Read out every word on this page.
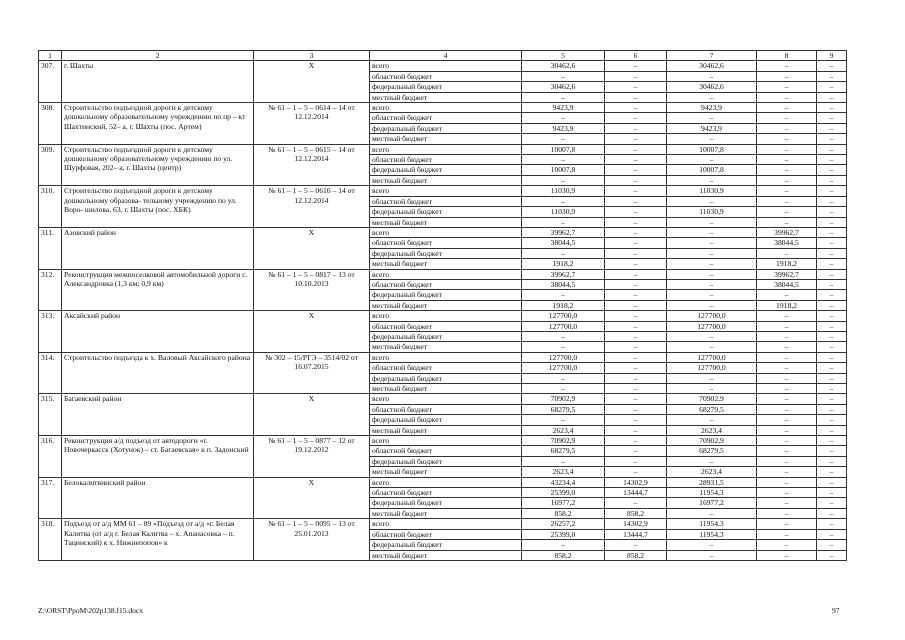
1	2	3	4	5	6	7	8	9
307.	г. Шахты	Х	всего	30462,6	–	30462,6	–	–
			областной бюджет	–	–	–	–	–
			федеральный бюджет	30462,6	–	30462,6	–	–
			местный бюджет	–	–	–	–	–
308.	Строительство подъездной дороги к детскому дошкольному образовательному учреждению по пр – кт Шахтинский, 52– а, г. Шахты (пос. Артем)	№ 61 – 1 – 5 – 0614 – 14 от 12.12.2014	всего	9423,9	–	9423,9	–	–
			областной бюджет	–	–	–	–	–
			федеральный бюджет	9423,9	–	9423,9	–	–
			местный бюджет	–	–	–	–	–
309.	Строительство подъездной дороги к детскому дошкольному образовательному учреждению по ул. Шурфовая, 202– а, г. Шахты (центр)	№ 61 – 1 – 5 – 0615 – 14 от 12.12.2014	всего	10007,8	–	10007,8	–	–
			областной бюджет	–	–	–	–	–
			федеральный бюджет	10007,8	–	10007,8	–	–
			местный бюджет	–	–	–	–	–
310.	Строительство подъездной дороги к детскому дошкольному образова- тельному учреждению по ул. Воро- шилова, 63, г. Шахты (пос. ХБК)	№ 61 – 1 – 5 – 0616 – 14 от 12.12.2014	всего	11030,9	–	11030,9	–	–
			областной бюджет	–	–	–	–	–
			федеральный бюджет	11030,9	–	11030,9	–	–
			местный бюджет	–	–	–	–	–
311.	Азовский район	Х	всего	39962,7	–	–	39962,7	–
			областной бюджет	38044,5	–	–	38044,5	–
			федеральный бюджет	–	–	–	–	–
			местный бюджет	1918,2	–	–	1918,2	–
312.	Реконструкция межпоселковой автомобильной дороги с. Александровка (1,3 км; 0,9 км)	№ 61 – 1 – 5 – 0817 – 13 от 10.10.2013	всего	39962,7	–	–	39962,7	–
			областной бюджет	38044,5	–	–	38044,5	–
			федеральный бюджет	–	–	–	–	–
			местный бюджет	1918,2	–	–	1918,2	–
313.	Аксайский район	Х	всего	127700,0	–	127700,0	–	–
			областной бюджет	127700,0	–	127700,0	–	–
			федеральный бюджет	–	–	–	–	–
			местный бюджет	–	–	–	–	–
314.	Строительство подъезда к х. Валовый Аксайского района	№ 302 – 15/РГЭ – 3514/02 от 16.07.2015	всего	127700,0	–	127700,0	–	–
			областной бюджет	127700,0	–	127700,0	–	–
			федеральный бюджет	–	–	–	–	–
			местный бюджет	–	–	–	–	–
315.	Багаевский район	Х	всего	70902,9	–	70902,9	–	–
			областной бюджет	68279,5	–	68279,5	–	–
			федеральный бюджет	–	–	–	–	–
			местный бюджет	2623,4	–	2623,4	–	–
316.	Реконструкция а/д подъезд от автодороги «г. Новочеркасск (Хотунок) – ст. Багаевская» к п. Задонский	№ 61 – 1 – 5 – 0877 – 12 от 19.12.2012	всего	70902,9	–	70902,9	–	–
			областной бюджет	68279,5	–	68279,5	–	–
			федеральный бюджет	–	–	–	–	–
			местный бюджет	2623,4	–	2623,4	–	–
317.	Белокалитвинский район	Х	всего	43234,4	14302,9	28931,5	–	–
			областной бюджет	25399,0	13444,7	11954,3	–	–
			федеральный бюджет	16977,2	–	16977,2	–	–
			местный бюджет	858,2	858,2	–	–	–
318.	Подъезд от а/д ММ 61 – 89 «Подъезд от а/д «г. Белая Калитва (от а/д г. Белая Калитва – х. Апанасовка – п. Тацинский) к х. Нижнепопов» к	№ 61 – 1 – 5 – 0095 – 13 от 25.01.2013	всего	26257,2	14302,9	11954,3	–	–
			областной бюджет	25399,0	13444,7	11954,3	–	–
			федеральный бюджет	–	–	–	–	–
			местный бюджет	858,2	858,2	–	–	–
Z:\ORST\PpoM\202p138.f15.docx	97
